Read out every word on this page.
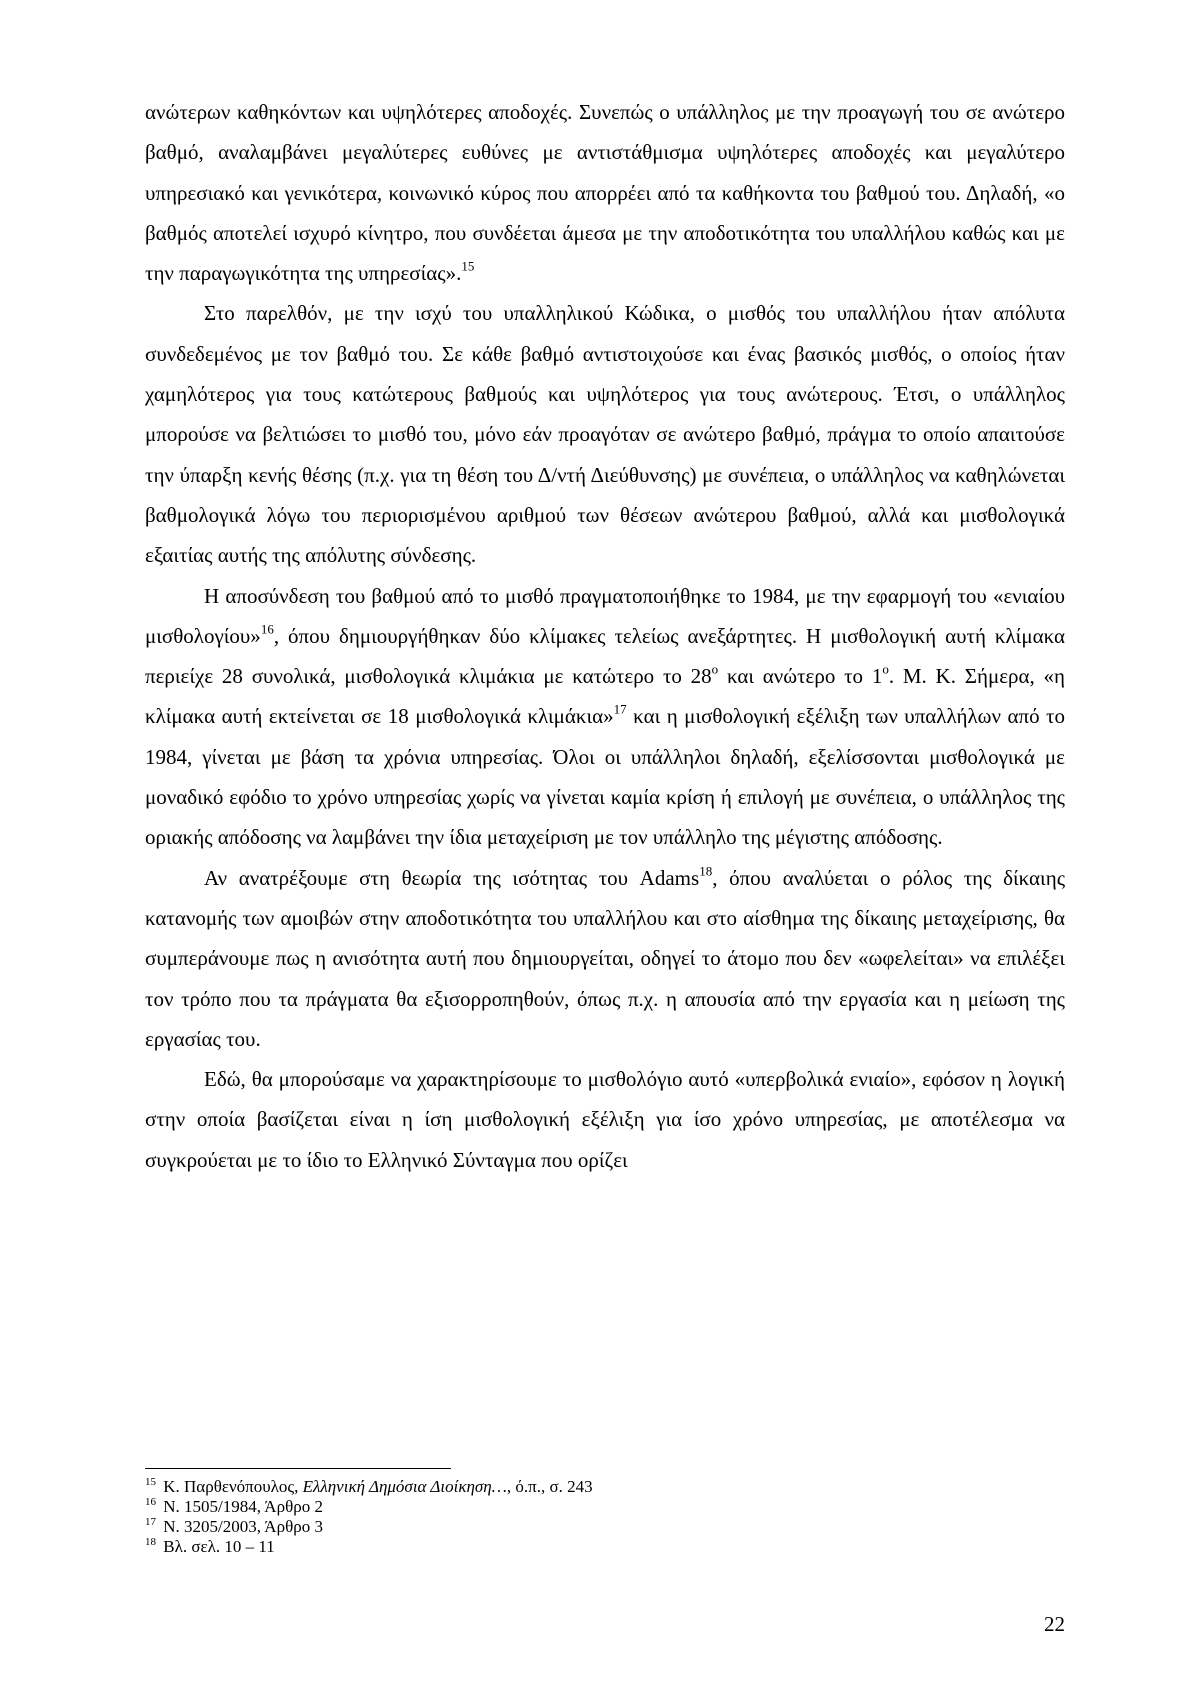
ανώτερων καθηκόντων και υψηλότερες αποδοχές. Συνεπώς ο υπάλληλος με την προαγωγή του σε ανώτερο βαθμό, αναλαμβάνει μεγαλύτερες ευθύνες με αντιστάθμισμα υψηλότερες αποδοχές και μεγαλύτερο υπηρεσιακό και γενικότερα, κοινωνικό κύρος που απορρέει από τα καθήκοντα του βαθμού του. Δηλαδή, «ο βαθμός αποτελεί ισχυρό κίνητρο, που συνδέεται άμεσα με την αποδοτικότητα του υπαλλήλου καθώς και με την παραγωγικότητα της υπηρεσίας».$^{15}$

Στο παρελθόν, με την ισχύ του υπαλληλικού Κώδικα, ο μισθός του υπαλλήλου ήταν απόλυτα συνδεδεμένος με τον βαθμό του. Σε κάθε βαθμό αντιστοιχούσε και ένας βασικός μισθός, ο οποίος ήταν χαμηλότερος για τους κατώτερους βαθμούς και υψηλότερος για τους ανώτερους. Έτσι, ο υπάλληλος μπορούσε να βελτιώσει το μισθό του, μόνο εάν προαγόταν σε ανώτερο βαθμό, πράγμα το οποίο απαιτούσε την ύπαρξη κενής θέσης (π.χ. για τη θέση του Δ/ντή Διεύθυνσης) με συνέπεια, ο υπάλληλος να καθηλώνεται βαθμολογικά λόγω του περιορισμένου αριθμού των θέσεων ανώτερου βαθμού, αλλά και μισθολογικά εξαιτίας αυτής της απόλυτης σύνδεσης.

Η αποσύνδεση του βαθμού από το μισθό πραγματοποιήθηκε το 1984, με την εφαρμογή του «ενιαίου μισθολογίου»$^{16}$, όπου δημιουργήθηκαν δύο κλίμακες τελείως ανεξάρτητες. Η μισθολογική αυτή κλίμακα περιείχε 28 συνολικά, μισθολογικά κλιμάκια με κατώτερο το $28^o$ και ανώτερο το $1^o$. Μ. Κ. Σήμερα, «η κλίμακα αυτή εκτείνεται σε 18 μισθολογικά κλιμάκια»$^{17}$ και η μισθολογική εξέλιξη των υπαλλήλων από το 1984, γίνεται με βάση τα χρόνια υπηρεσίας. Όλοι οι υπάλληλοι δηλαδή, εξελίσσονται μισθολογικά με μοναδικό εφόδιο το χρόνο υπηρεσίας χωρίς να γίνεται καμία κρίση ή επιλογή με συνέπεια, ο υπάλληλος της οριακής απόδοσης να λαμβάνει την ίδια μεταχείριση με τον υπάλληλο της μέγιστης απόδοσης.

Αν ανατρέξουμε στη θεωρία της ισότητας του Adams$^{18}$, όπου αναλύεται ο ρόλος της δίκαιης κατανομής των αμοιβών στην αποδοτικότητα του υπαλλήλου και στο αίσθημα της δίκαιης μεταχείρισης, θα συμπεράνουμε πως η ανισότητα αυτή που δημιουργείται, οδηγεί το άτομο που δεν «ωφελείται» να επιλέξει τον τρόπο που τα πράγματα θα εξισορροπηθούν, όπως π.χ. η απουσία από την εργασία και η μείωση της εργασίας του.

Εδώ, θα μπορούσαμε να χαρακτηρίσουμε το μισθολόγιο αυτό «υπερβολικά ενιαίο», εφόσον η λογική στην οποία βασίζεται είναι η ίση μισθολογική εξέλιξη για ίσο χρόνο υπηρεσίας, με αποτέλεσμα να συγκρούεται με το ίδιο το Ελληνικό Σύνταγμα που ορίζει

$^{15}$ Κ. Παρθενόπουλος, Ελληνική Δημόσια Διοίκηση…, ό.π., σ. 243
$^{16}$ Ν. 1505/1984, Άρθρο 2
$^{17}$ Ν. 3205/2003, Άρθρο 3
$^{18}$ Βλ. σελ. 10 – 11
22
